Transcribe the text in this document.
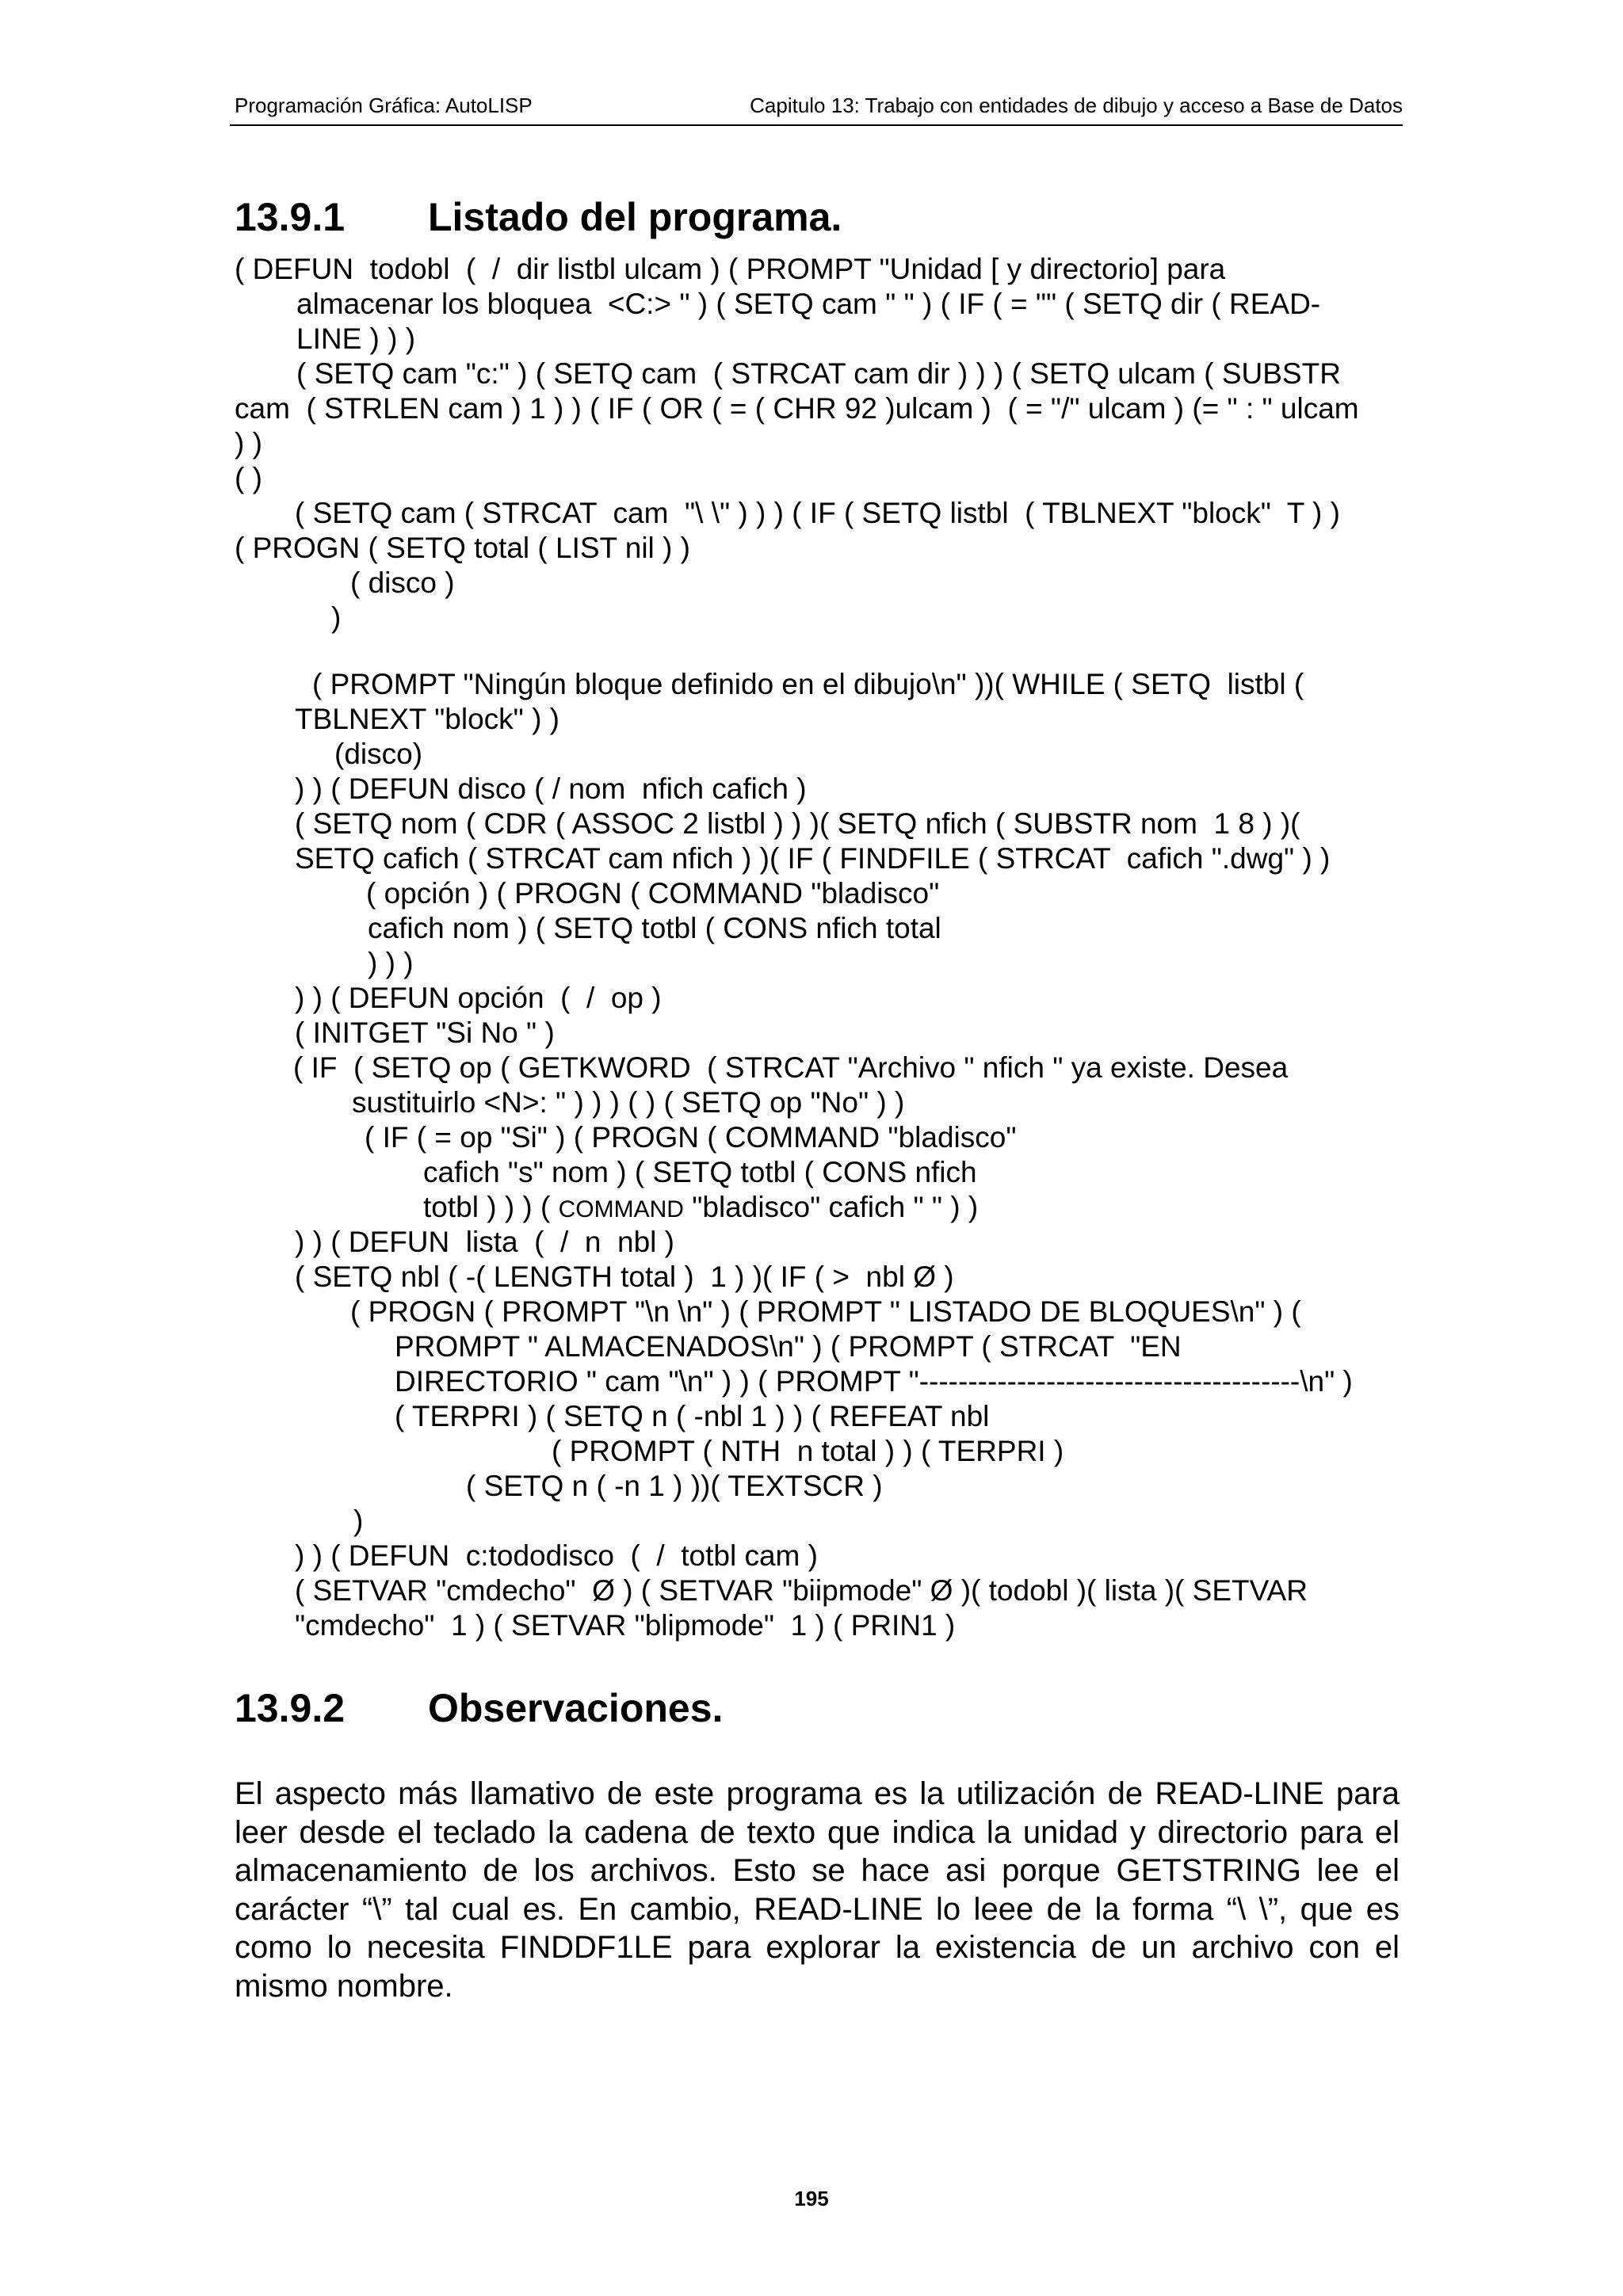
Programación Gráfica: AutoLISP	Capitulo 13: Trabajo con entidades de dibujo y acceso a Base de Datos
13.9.1 Listado del programa.
( DEFUN  todobl  (  /  dir listbl ulcam ) ( PROMPT "Unidad [ y directorio] para
almacenar los bloquea  <C:> " ) ( SETQ cam " " ) ( IF ( = "" ( SETQ dir ( READ-
LINE ) ) )
( SETQ cam "c:" ) ( SETQ cam  ( STRCAT cam dir ) ) ) ( SETQ ulcam ( SUBSTR
cam  ( STRLEN cam ) 1 ) ) ( IF ( OR ( = ( CHR 92 )ulcam )  ( = "/" ulcam ) (= " : " ulcam
) )
( )
( SETQ cam ( STRCAT  cam  "\ \" ) ) ) ( IF ( SETQ listbl  ( TBLNEXT "block"  T ) )
( PROGN ( SETQ total ( LIST nil ) )
( disco )
)
( PROMPT "Ningún bloque definido en el dibujo\n" ))( WHILE ( SETQ  listbl (
TBLNEXT "block" ) )
(disco)
) ) ( DEFUN disco ( / nom  nfich cafich )
( SETQ nom ( CDR ( ASSOC 2 listbl ) ) )( SETQ nfich ( SUBSTR nom  1 8 ) )(
SETQ cafich ( STRCAT cam nfich ) )( IF ( FINDFILE ( STRCAT  cafich ".dwg" ) )
( opción ) ( PROGN ( COMMAND "bladisco"
cafich nom ) ( SETQ totbl ( CONS nfich total
) ) )
) ) ( DEFUN opción  (  /  op )
( INITGET "Si No " )
( IF  ( SETQ op ( GETKWORD  ( STRCAT "Archivo " nfich " ya existe. Desea
sustituirlo <N>: " ) ) ) ( ) ( SETQ op "No" ) )
( IF ( = op "Si" ) ( PROGN ( COMMAND "bladisco"
cafich "s" nom ) ( SETQ totbl ( CONS nfich
totbl ) ) ) ( COMMAND "bladisco" cafich " " ) )
) ) ( DEFUN  lista  (  /  n  nbl )
( SETQ nbl ( -( LENGTH total )  1 ) )( IF ( >  nbl Ø )
( PROGN ( PROMPT "\n \n" ) ( PROMPT " LISTADO DE BLOQUES\n" ) (
PROMPT " ALMACENADOS\n" ) ( PROMPT ( STRCAT  "EN
DIRECTORIO " cam "\n" ) ) ( PROMPT "---------------------------------------\n" )
( TERPRI ) ( SETQ n ( -nbl 1 ) ) ( REFEAT nbl
( PROMPT ( NTH  n total ) ) ( TERPRI )
( SETQ n ( -n 1 ) ))( TEXTSCR )
)
) ) ( DEFUN  c:tododisco  (  /  totbl cam )
( SETVAR "cmdecho"  Ø ) ( SETVAR "biipmode" Ø )( todobl )( lista )( SETVAR
"cmdecho"  1 ) ( SETVAR "blipmode"  1 ) ( PRIN1 )
13.9.2 Observaciones.
El aspecto más llamativo de este programa es la utilización de READ-LINE para leer desde el teclado la cadena de texto que indica la unidad y directorio para el almacenamiento de los archivos. Esto se hace asi porque GETSTRING lee el carácter “\” tal cual es. En cambio, READ-LINE lo leee de la forma “\ \”, que es como lo necesita FINDDF1LE para explorar la existencia de un archivo con el mismo nombre.
195
